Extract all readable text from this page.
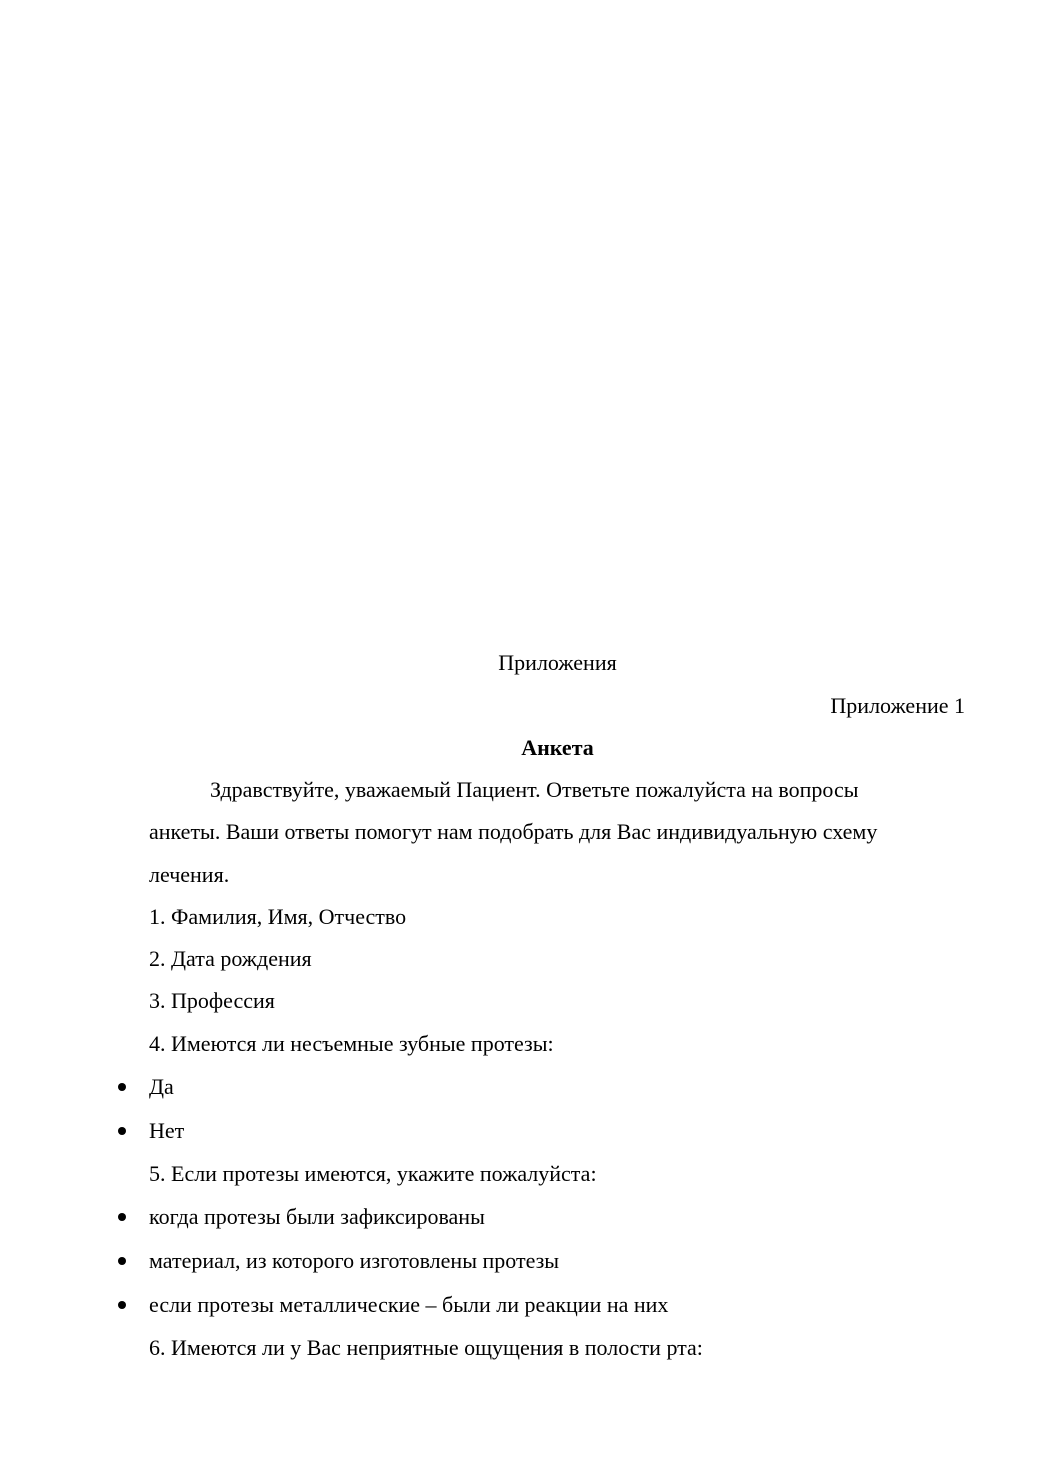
Приложения
Приложение 1
Анкета
Здравствуйте, уважаемый Пациент. Ответьте пожалуйста на вопросы
анкеты. Ваши ответы помогут нам подобрать для Вас индивидуальную схему
лечения.
1. Фамилия, Имя, Отчество
2. Дата рождения
3. Профессия
4. Имеются ли несъемные зубные протезы:
Да
Нет
5. Если протезы имеются, укажите пожалуйста:
когда протезы были зафиксированы
материал, из которого изготовлены протезы
если протезы металлические – были ли реакции на них
6. Имеются ли у Вас неприятные ощущения в полости рта:
